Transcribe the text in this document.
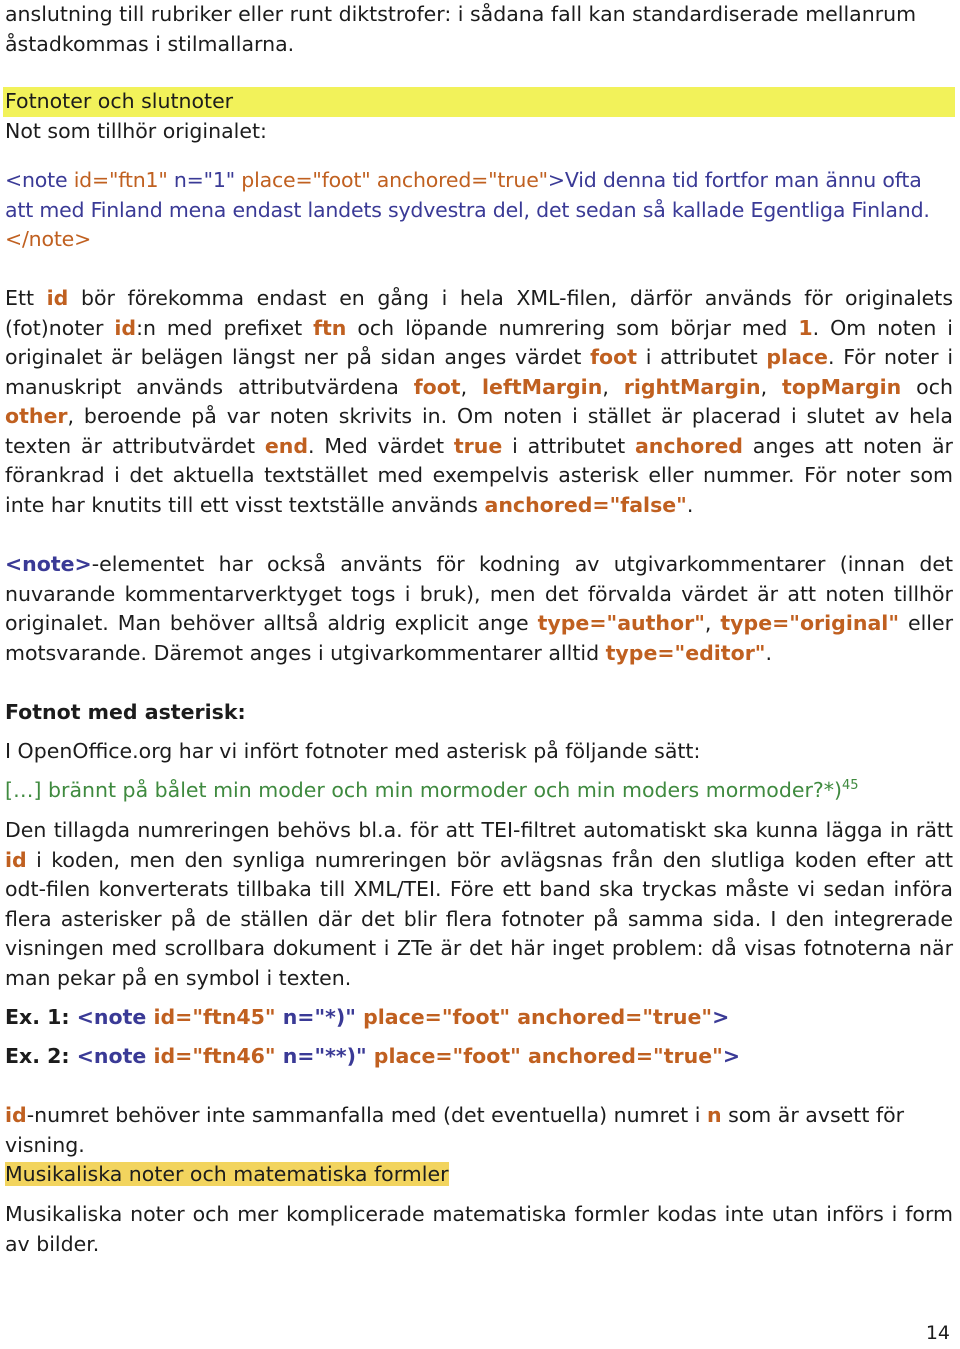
anslutning till rubriker eller runt diktstrofer: i sådana fall kan standardiserade mellanrum
åstadkommas i stilmallarna.

Fotnoter och slutnoter

Not som tillhör originalet:

<note id="ftn1" n="1" place="foot" anchored="true">Vid denna tid fortfor man ännu ofta att med Finland mena endast landets sydvestra del, det sedan så kallade Egentliga Finland.</note>

Ett id bör förekomma endast en gång i hela XML-filen, därför används för originalets (fot)noter id:n med prefixet ftn och löpande numrering som börjar med 1. Om noten i originalet är belägen längst ner på sidan anges värdet foot i attributet place. För noter i manuskript används attributvärdena foot, leftMargin, rightMargin, topMargin och other, beroende på var noten skrivits in. Om noten i stället är placerad i slutet av hela texten är attributvärdet end. Med värdet true i attributet anchored anges att noten är förankrad i det aktuella textstället med exempelvis asterisk eller nummer. För noter som inte har knutits till ett visst textställe används anchored="false".

<note>-elementet har också använts för kodning av utgivarkommentarer (innan det nuvarande kommentarverktyget togs i bruk), men det förvalda värdet är att noten tillhör originalet. Man behöver alltså aldrig explicit ange type="author", type="original" eller motsvarande. Däremot anges i utgivarkommentarer alltid type="editor".

Fotnot med asterisk:

I OpenOffice.org har vi infört fotnoter med asterisk på följande sätt:

[…] brännt på bålet min moder och min mormoder och min moders mormoder?*)$^{45}$

Den tillagda numreringen behövs bl.a. för att TEI-filtret automatiskt ska kunna lägga in rätt id i koden, men den synliga numreringen bör avlägsnas från den slutliga koden efter att odt-filen konverterats tillbaka till XML/TEI. Före ett band ska tryckas måste vi sedan införa flera asterisker på de ställen där det blir flera fotnoter på samma sida. I den integrerade visningen med scrollbara dokument i ZTe är det här inget problem: då visas fotnoterna när man pekar på en symbol i texten.

Ex. 1: <note id="ftn45" n="*)" place="foot" anchored="true">

Ex. 2: <note id="ftn46" n="**)" place="foot" anchored="true">

id-numret behöver inte sammanfalla med (det eventuella) numret i n som är avsett för visning.

Musikaliska noter och matematiska formler

Musikaliska noter och mer komplicerade matematiska formler kodas inte utan införs i form av bilder.

14
